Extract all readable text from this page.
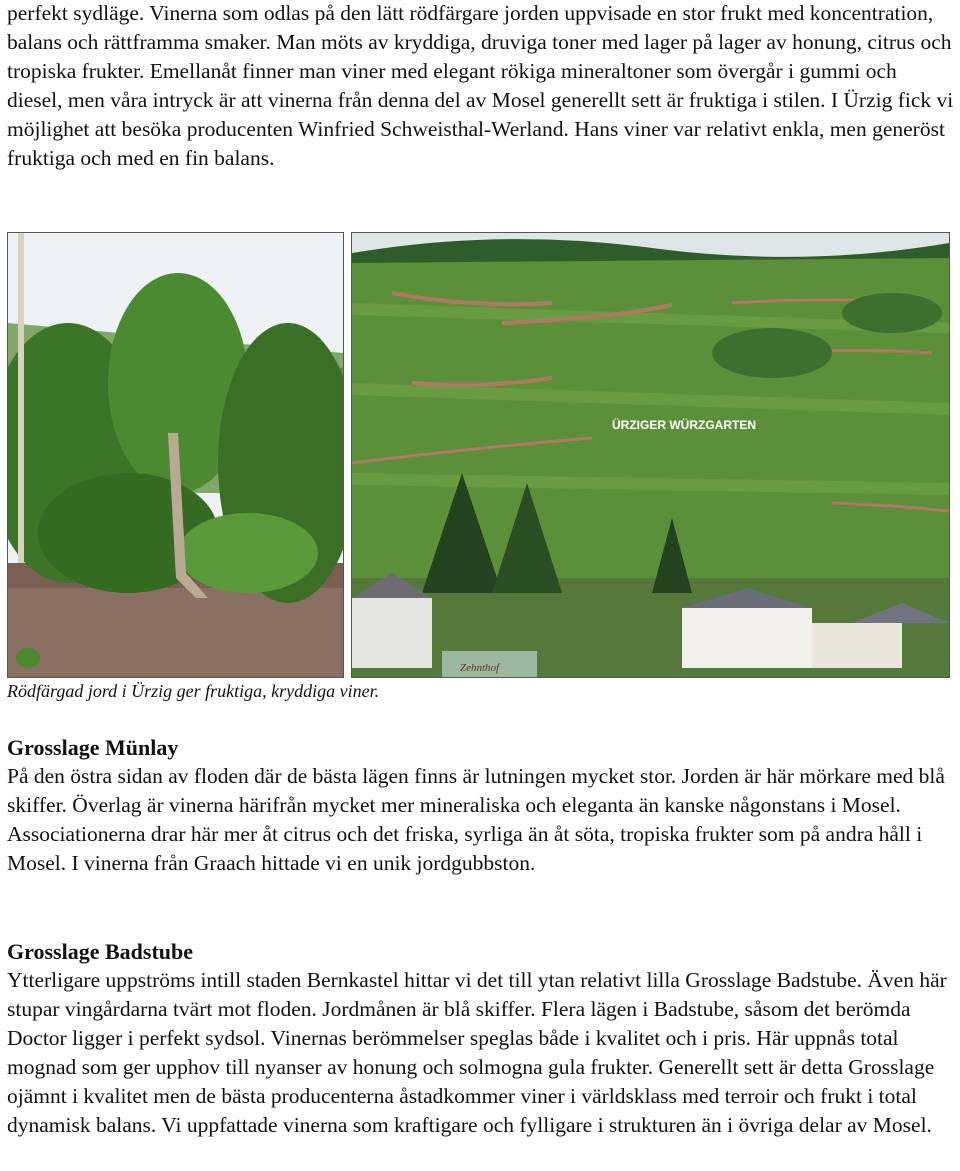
perfekt sydläge. Vinerna som odlas på den lätt rödfärgare jorden uppvisade en stor frukt med koncentration, balans och rättframma smaker. Man möts av kryddiga, druviga toner med lager på lager av honung, citrus och tropiska frukter. Emellanåt finner man viner med elegant rökiga mineraltoner som övergår i gummi och diesel, men våra intryck är att vinerna från denna del av Mosel generellt sett är fruktiga i stilen. I Ürzig fick vi möjlighet att besöka producenten Winfried Schweisthal-Werland. Hans viner var relativt enkla, men generöst fruktiga och med en fin balans.

ÜRZIGER WÜRZGARTEN
Zehnthof
Rödfärgad jord i Ürzig ger fruktiga, kryddiga viner.
Grosslage Münlay

På den östra sidan av floden där de bästa lägen finns är lutningen mycket stor. Jorden är här mörkare med blå skiffer. Överlag är vinerna härifrån mycket mer mineraliska och eleganta än kanske någonstans i Mosel. Associationerna drar här mer åt citrus och det friska, syrliga än åt söta, tropiska frukter som på andra håll i Mosel. I vinerna från Graach hittade vi en unik jordgubbston.

Grosslage Badstube

Ytterligare uppströms intill staden Bernkastel hittar vi det till ytan relativt lilla Grosslage Badstube. Även här stupar vingårdarna tvärt mot floden. Jordmånen är blå skiffer. Flera lägen i Badstube, såsom det berömda Doctor ligger i perfekt sydsol. Vinernas berömmelser speglas både i kvalitet och i pris. Här uppnås total mognad som ger upphov till nyanser av honung och solmogna gula frukter. Generellt sett är detta Grosslage ojämnt i kvalitet men de bästa producenterna åstadkommer viner i världsklass med terroir och frukt i total dynamisk balans. Vi uppfattade vinerna som kraftigare och fylligare i strukturen än i övriga delar av Mosel.
